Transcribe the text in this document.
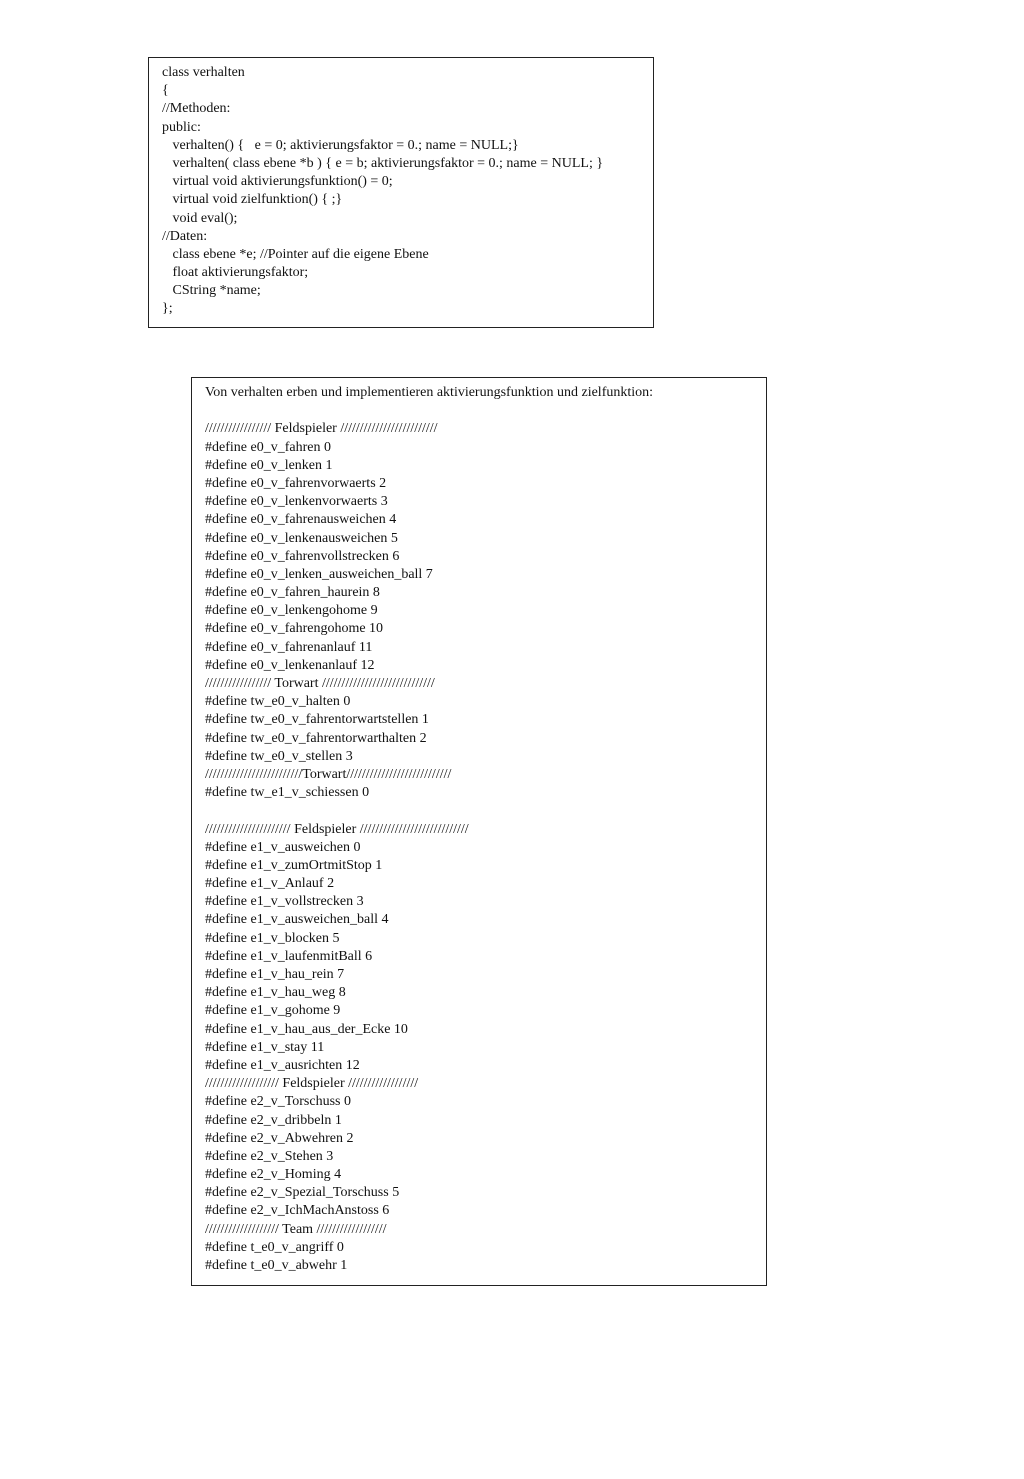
class verhalten
{
//Methoden:
public:
verhalten() {   e = 0; aktivierungsfaktor = 0.; name = NULL;}
verhalten( class ebene *b ) { e = b; aktivierungsfaktor = 0.; name = NULL; }
virtual void aktivierungsfunktion() = 0;
virtual void zielfunktion() { ;}
void eval();
//Daten:
class ebene *e; //Pointer auf die eigene Ebene
float aktivierungsfaktor;
CString *name;
};
Von verhalten erben und implementieren aktivierungsfunktion und zielfunktion:
///////////////// Feldspieler /////////////////////////
#define e0_v_fahren 0
#define e0_v_lenken 1
#define e0_v_fahrenvorwaerts 2
#define e0_v_lenkenvorwaerts 3
#define e0_v_fahrenausweichen 4
#define e0_v_lenkenausweichen 5
#define e0_v_fahrenvollstrecken 6
#define e0_v_lenken_ausweichen_ball 7
#define e0_v_fahren_haurein 8
#define e0_v_lenkengohome 9
#define e0_v_fahrengohome 10
#define e0_v_fahrenanlauf 11
#define e0_v_lenkenanlauf 12
///////////////// Torwart /////////////////////////////
#define tw_e0_v_halten 0
#define tw_e0_v_fahrentorwartstellen 1
#define tw_e0_v_fahrentorwarthalten 2
#define tw_e0_v_stellen 3
/////////////////////////Torwart///////////////////////////
#define tw_e1_v_schiessen 0
////////////////////// Feldspieler ////////////////////////////
#define e1_v_ausweichen 0
#define e1_v_zumOrtmitStop 1
#define e1_v_Anlauf 2
#define e1_v_vollstrecken 3
#define e1_v_ausweichen_ball 4
#define e1_v_blocken 5
#define e1_v_laufenmitBall 6
#define e1_v_hau_rein 7
#define e1_v_hau_weg 8
#define e1_v_gohome 9
#define e1_v_hau_aus_der_Ecke 10
#define e1_v_stay 11
#define e1_v_ausrichten 12
/////////////////// Feldspieler //////////////////
#define e2_v_Torschuss 0
#define e2_v_dribbeln 1
#define e2_v_Abwehren 2
#define e2_v_Stehen 3
#define e2_v_Homing 4
#define e2_v_Spezial_Torschuss 5
#define e2_v_IchMachAnstoss 6
/////////////////// Team //////////////////
#define t_e0_v_angriff 0
#define t_e0_v_abwehr 1
